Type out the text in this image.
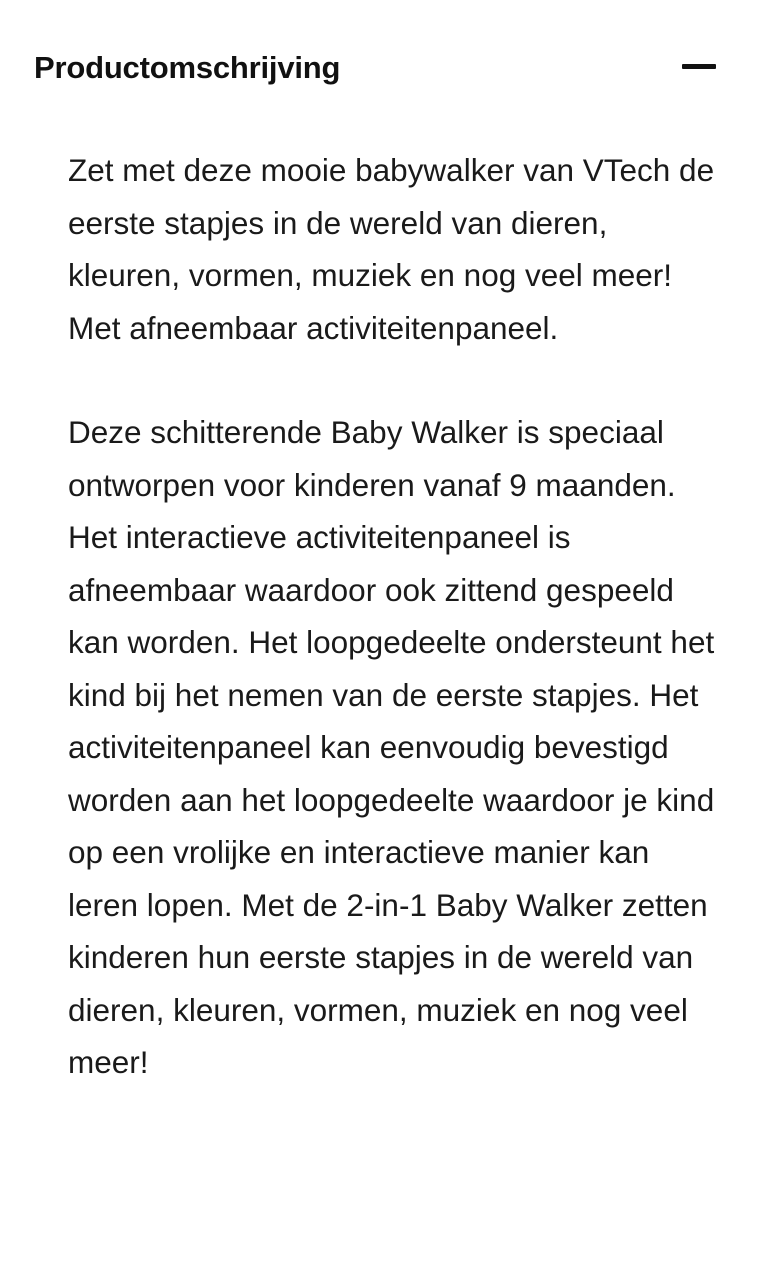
Productomschrijving

Zet met deze mooie babywalker van VTech de eerste stapjes in de wereld van dieren, kleuren, vormen, muziek en nog veel meer! Met afneembaar activiteitenpaneel.

Deze schitterende Baby Walker is speciaal ontworpen voor kinderen vanaf 9 maanden. Het interactieve activiteitenpaneel is afneembaar waardoor ook zittend gespeeld kan worden. Het loopgedeelte ondersteunt het kind bij het nemen van de eerste stapjes. Het activiteitenpaneel kan eenvoudig bevestigd worden aan het loopgedeelte waardoor je kind op een vrolijke en interactieve manier kan leren lopen. Met de 2-in-1 Baby Walker zetten kinderen hun eerste stapjes in de wereld van dieren, kleuren, vormen, muziek en nog veel meer!
